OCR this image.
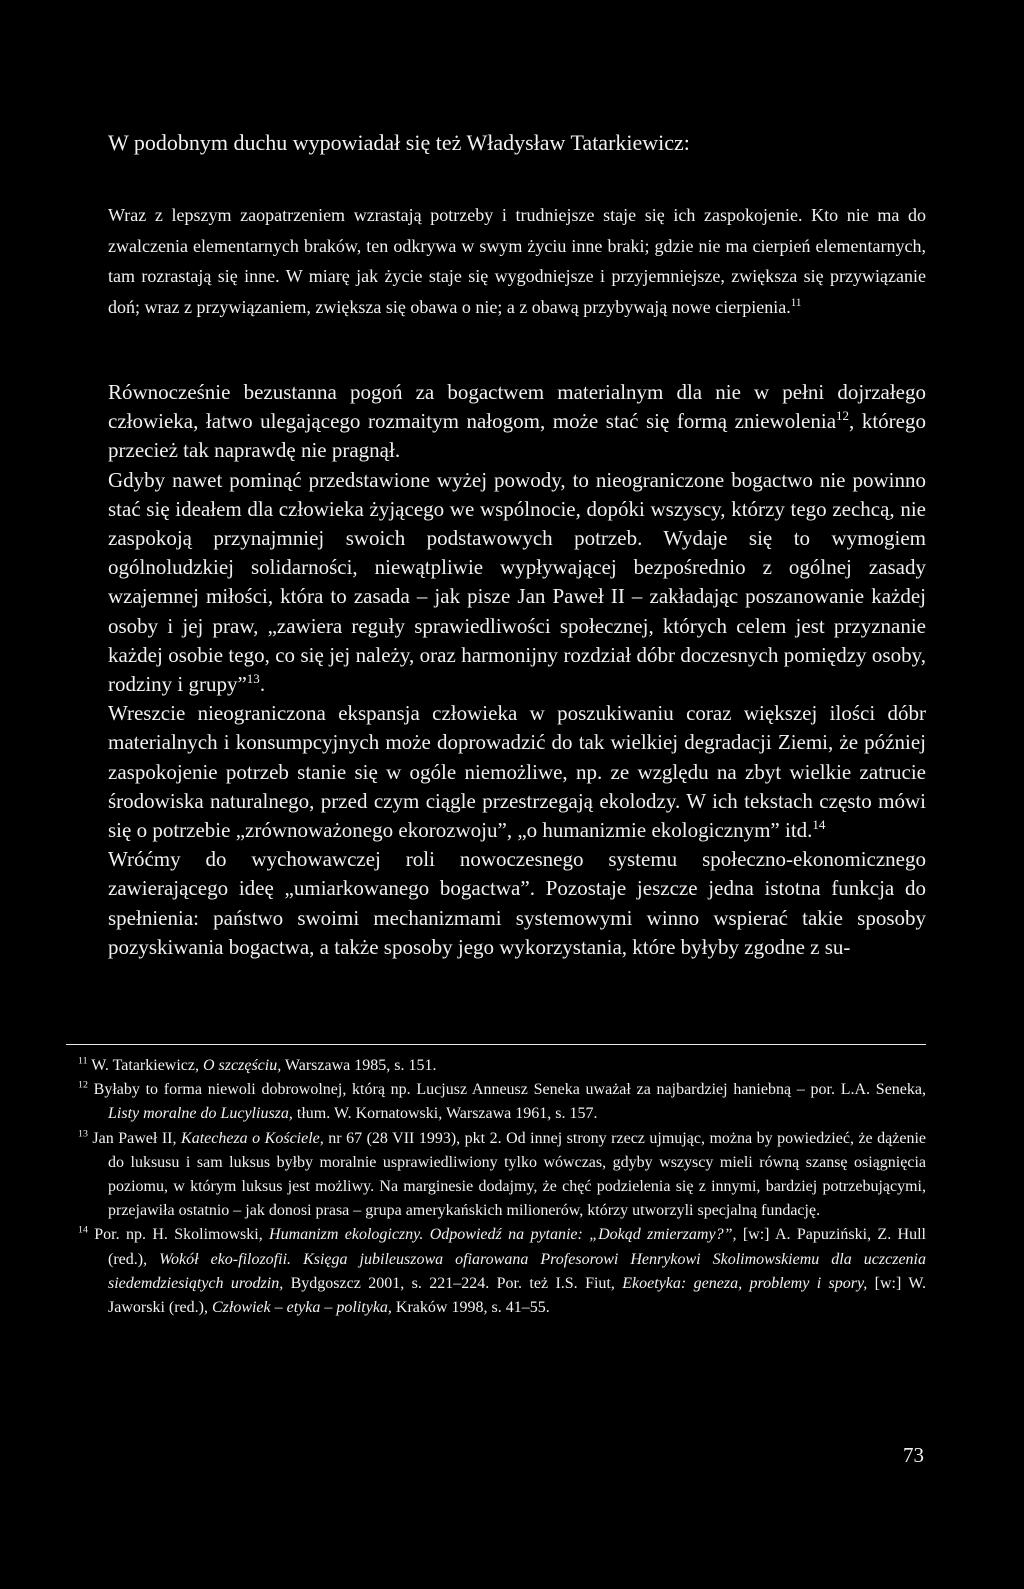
W podobnym duchu wypowiadał się też Władysław Tatarkiewicz:
Wraz z lepszym zaopatrzeniem wzrastają potrzeby i trudniejsze staje się ich zaspokojenie. Kto nie ma do zwalczenia elementarnych braków, ten odkrywa w swym życiu inne braki; gdzie nie ma cierpień elementarnych, tam rozrastają się inne. W miarę jak życie staje się wygodniejsze i przyjemniejsze, zwiększa się przywiązanie doń; wraz z przywiązaniem, zwiększa się obawa o nie; a z obawą przybywają nowe cierpienia.$^{11}$

Równocześnie bezustanna pogoń za bogactwem materialnym dla nie w pełni dojrzałego człowieka, łatwo ulegającego rozmaitym nałogom, może stać się formą zniewolenia$^{12}$, którego przecież tak naprawdę nie pragnął.

Gdyby nawet pominąć przedstawione wyżej powody, to nieograniczone bogactwo nie powinno stać się ideałem dla człowieka żyjącego we wspólnocie, dopóki wszyscy, którzy tego zechcą, nie zaspokoją przynajmniej swoich podstawowych potrzeb. Wydaje się to wymogiem ogólnoludzkiej solidarności, niewątpliwie wypływającej bezpośrednio z ogólnej zasady wzajemnej miłości, która to zasada – jak pisze Jan Paweł II – zakładając poszanowanie każdej osoby i jej praw, „zawiera reguły sprawiedliwości społecznej, których celem jest przyznanie każdej osobie tego, co się jej należy, oraz harmonijny rozdział dóbr doczesnych pomiędzy osoby, rodziny i grupy”$^{13}$.

Wreszcie nieograniczona ekspansja człowieka w poszukiwaniu coraz większej ilości dóbr materialnych i konsumpcyjnych może doprowadzić do tak wielkiej degradacji Ziemi, że później zaspokojenie potrzeb stanie się w ogóle niemożliwe, np. ze względu na zbyt wielkie zatrucie środowiska naturalnego, przed czym ciągle przestrzegają ekolodzy. W ich tekstach często mówi się o potrzebie „zrównoważonego ekorozwoju”, „o humanizmie ekologicznym” itd.$^{14}$

Wróćmy do wychowawczej roli nowoczesnego systemu społeczno-ekonomicznego zawierającego ideę „umiarkowanego bogactwa”. Pozostaje jeszcze jedna istotna funkcja do spełnienia: państwo swoimi mechanizmami systemowymi winno wspierać takie sposoby pozyskiwania bogactwa, a także sposoby jego wykorzystania, które byłyby zgodne z su-

$^{11}$ W. Tatarkiewicz, O szczęściu, Warszawa 1985, s. 151.

$^{12}$ Byłaby to forma niewoli dobrowolnej, którą np. Lucjusz Anneusz Seneka uważał za najbardziej haniebną – por. L.A. Seneka, Listy moralne do Lucyliusza, tłum. W. Kornatowski, Warszawa 1961, s. 157.

$^{13}$ Jan Paweł II, Katecheza o Kościele, nr 67 (28 VII 1993), pkt 2. Od innej strony rzecz ujmując, można by powiedzieć, że dążenie do luksusu i sam luksus byłby moralnie usprawiedliwiony tylko wówczas, gdyby wszyscy mieli równą szansę osiągnięcia poziomu, w którym luksus jest możliwy. Na marginesie dodajmy, że chęć podzielenia się z innymi, bardziej potrzebującymi, przejawiła ostatnio – jak donosi prasa – grupa amerykańskich milionerów, którzy utworzyli specjalną fundację.

$^{14}$ Por. np. H. Skolimowski, Humanizm ekologiczny. Odpowiedź na pytanie: „Dokąd zmierzamy?”, [w:] A. Papuziński, Z. Hull (red.), Wokół eko-filozofii. Księga jubileuszowa ofiarowana Profesorowi Henrykowi Skolimowskiemu dla uczczenia siedemdziesiątych urodzin, Bydgoszcz 2001, s. 221–224. Por. też I.S. Fiut, Ekoetyka: geneza, problemy i spory, [w:] W. Jaworski (red.), Człowiek – etyka – polityka, Kraków 1998, s. 41–55.

73
